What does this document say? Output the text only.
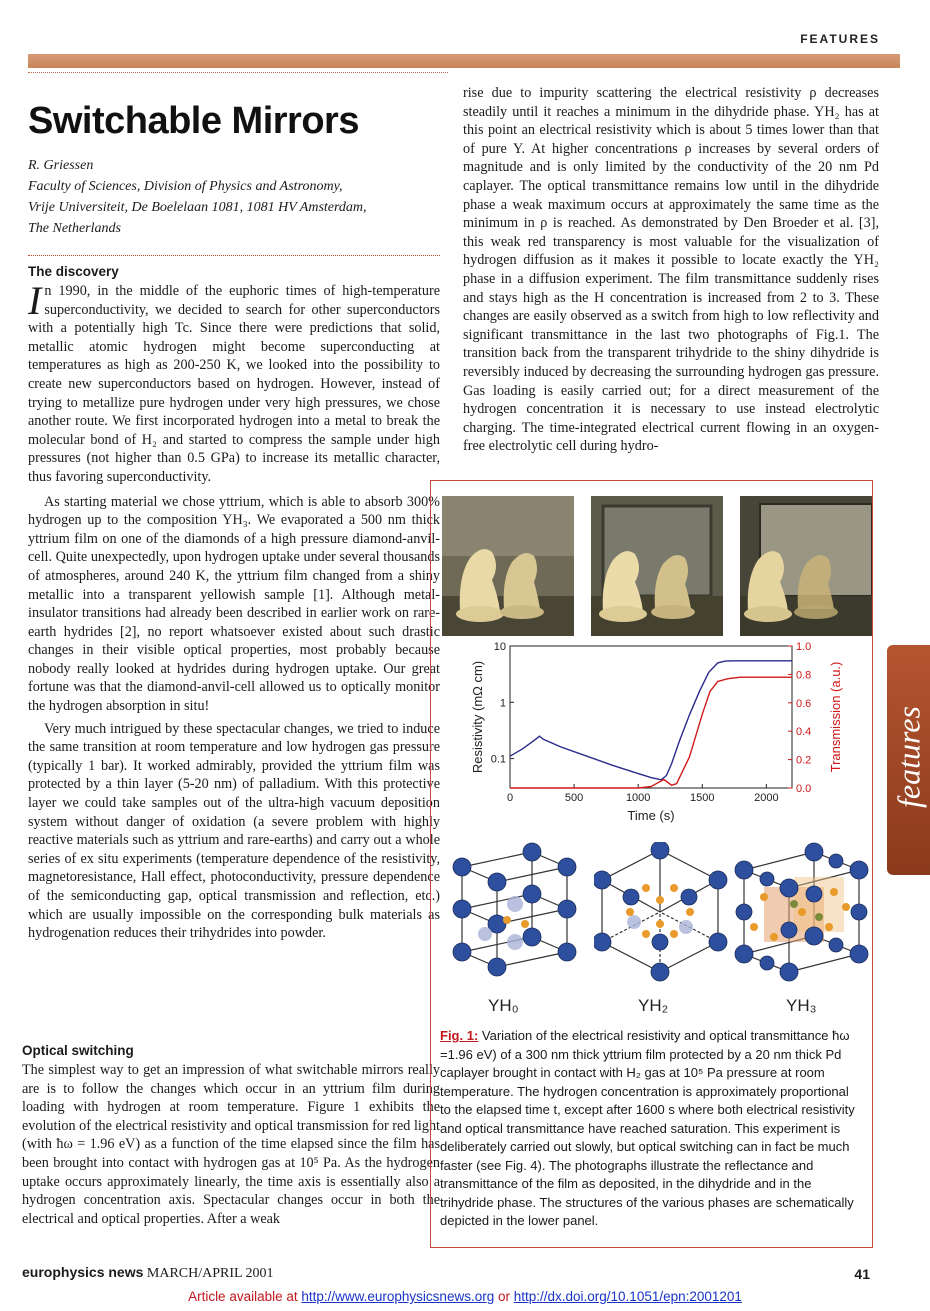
FEATURES
Switchable Mirrors
R. Griessen
Faculty of Sciences, Division of Physics and Astronomy,
Vrije Universiteit, De Boelelaan 1081, 1081 HV Amsterdam,
The Netherlands
The discovery

In 1990, in the middle of the euphoric times of high-temperature superconductivity, we decided to search for other superconductors with a potentially high Tc. Since there were predictions that solid, metallic atomic hydrogen might become superconducting at temperatures as high as 200-250 K, we looked into the possibility to create new superconductors based on hydrogen. However, instead of trying to metallize pure hydrogen under very high pressures, we chose another route. We first incorporated hydrogen into a metal to break the molecular bond of H₂ and started to compress the sample under high pressures (not higher than 0.5 GPa) to increase its metallic character, thus favoring superconductivity.

As starting material we chose yttrium, which is able to absorb 300% hydrogen up to the composition YH₃. We evaporated a 500 nm thick yttrium film on one of the diamonds of a high pressure diamond-anvil-cell. Quite unexpectedly, upon hydrogen uptake under several thousands of atmospheres, around 240 K, the yttrium film changed from a shiny metallic into a transparent yellowish sample [1]. Although metal-insulator transitions had already been described in earlier work on rare-earth hydrides [2], no report whatsoever existed about such drastic changes in their visible optical properties, most probably because nobody really looked at hydrides during hydrogen uptake. Our great fortune was that the diamond-anvil-cell allowed us to optically monitor the hydrogen absorption in situ!

Very much intrigued by these spectacular changes, we tried to induce the same transition at room temperature and low hydrogen gas pressure (typically 1 bar). It worked admirably, provided the yttrium film was protected by a thin layer (5-20 nm) of palladium. With this protective layer we could take samples out of the ultra-high vacuum deposition system without danger of oxidation (a severe problem with highly reactive materials such as yttrium and rare-earths) and carry out a whole series of ex situ experiments (temperature dependence of the resistivity, magnetoresistance, Hall effect, photoconductivity, pressure dependence of the semiconducting gap, optical transmission and reflection, etc.) which are usually impossible on the corresponding bulk materials as hydrogenation reduces their trihydrides into powder.

Optical switching

The simplest way to get an impression of what switchable mirrors really are is to follow the changes which occur in an yttrium film during loading with hydrogen at room temperature. Figure 1 exhibits the evolution of the electrical resistivity and optical transmission for red light (with ħω = 1.96 eV) as a function of the time elapsed since the film has been brought into contact with hydrogen gas at 10⁵ Pa. As the hydrogen uptake occurs approximately linearly, the time axis is essentially also a hydrogen concentration axis. Spectacular changes occur in both the electrical and optical properties. After a weak

rise due to impurity scattering the electrical resistivity ρ decreases steadily until it reaches a minimum in the dihydride phase. YH₂ has at this point an electrical resistivity which is about 5 times lower than that of pure Y. At higher concentrations ρ increases by several orders of magnitude and is only limited by the conductivity of the 20 nm Pd caplayer. The optical transmittance remains low until in the dihydride phase a weak maximum occurs at approximately the same time as the minimum in ρ is reached. As demonstrated by Den Broeder et al. [3], this weak red transparency is most valuable for the visualization of hydrogen diffusion as it makes it possible to locate exactly the YH₂ phase in a diffusion experiment. The film transmittance suddenly rises and stays high as the H concentration is increased from 2 to 3. These changes are easily observed as a switch from high to low reflectivity and significant transmittance in the last two photographs of Fig.1. The transition back from the transparent trihydride to the shiny dihydride is reversibly induced by decreasing the surrounding hydrogen gas pressure. Gas loading is easily carried out; for a direct measurement of the hydrogen concentration it is necessary to use instead electrolytic charging. The time-integrated electrical current flowing in an oxygen-free electrolytic cell during hydro-

0	500	1000	1500	2000
10
1
0.1
1.0
0.8
0.6
0.4
0.2
0.0
Time (s)
Resistivity (mΩ cm)	Transmission (a.u.)
YH₀	YH₂	YH₃
Fig. 1: Variation of the electrical resistivity and optical transmittance ħω =1.96 eV) of a 300 nm thick yttrium film protected by a 20 nm thick Pd caplayer brought in contact with H₂ gas at 10⁵ Pa pressure at room temperature. The hydrogen concentration is approximately proportional to the elapsed time t, except after 1600 s where both electrical resistivity and optical transmittance have reached saturation. This experiment is deliberately carried out slowly, but optical switching can in fact be much faster (see Fig. 4). The photographs illustrate the reflectance and transmittance of the film as deposited, in the dihydride and in the trihydride phase. The structures of the various phases are schematically depicted in the lower panel.
features
europhysics news MARCH/APRIL 2001	41
Article available at http://www.europhysicsnews.org or http://dx.doi.org/10.1051/epn:2001201
